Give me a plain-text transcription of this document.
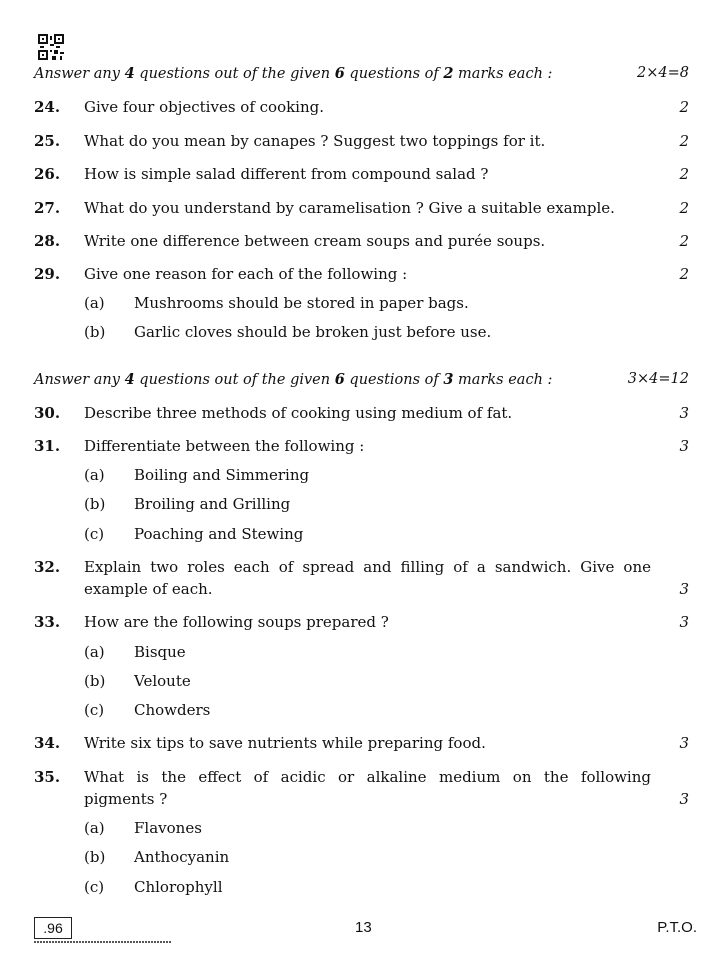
Answer any 4 questions out of the given 6 questions of 2 marks each :	2×4=8
24. Give four objectives of cooking.	2
25. What do you mean by canapes ? Suggest two toppings for it.	2
26. How is simple salad different from compound salad ?	2
27. What do you understand by caramelisation ? Give a suitable example.	2
28. Write one difference between cream soups and purée soups.	2
29. Give one reason for each of the following :	2
(a) Mushrooms should be stored in paper bags.
(b) Garlic cloves should be broken just before use.
Answer any 4 questions out of the given 6 questions of 3 marks each :	3×4=12
30. Describe three methods of cooking using medium of fat.	3
31. Differentiate between the following :	3
(a) Boiling and Simmering
(b) Broiling and Grilling
(c) Poaching and Stewing
32. Explain two roles each of spread and filling of a sandwich. Give one
example of each.	3
33. How are the following soups prepared ?	3
(a) Bisque
(b) Veloute
(c) Chowders
34. Write six tips to save nutrients while preparing food.	3
35. What is the effect of acidic or alkaline medium on the following
pigments ?	3
(a) Flavones
(b) Anthocyanin
(c) Chlorophyll
.96	13	P.T.O.
